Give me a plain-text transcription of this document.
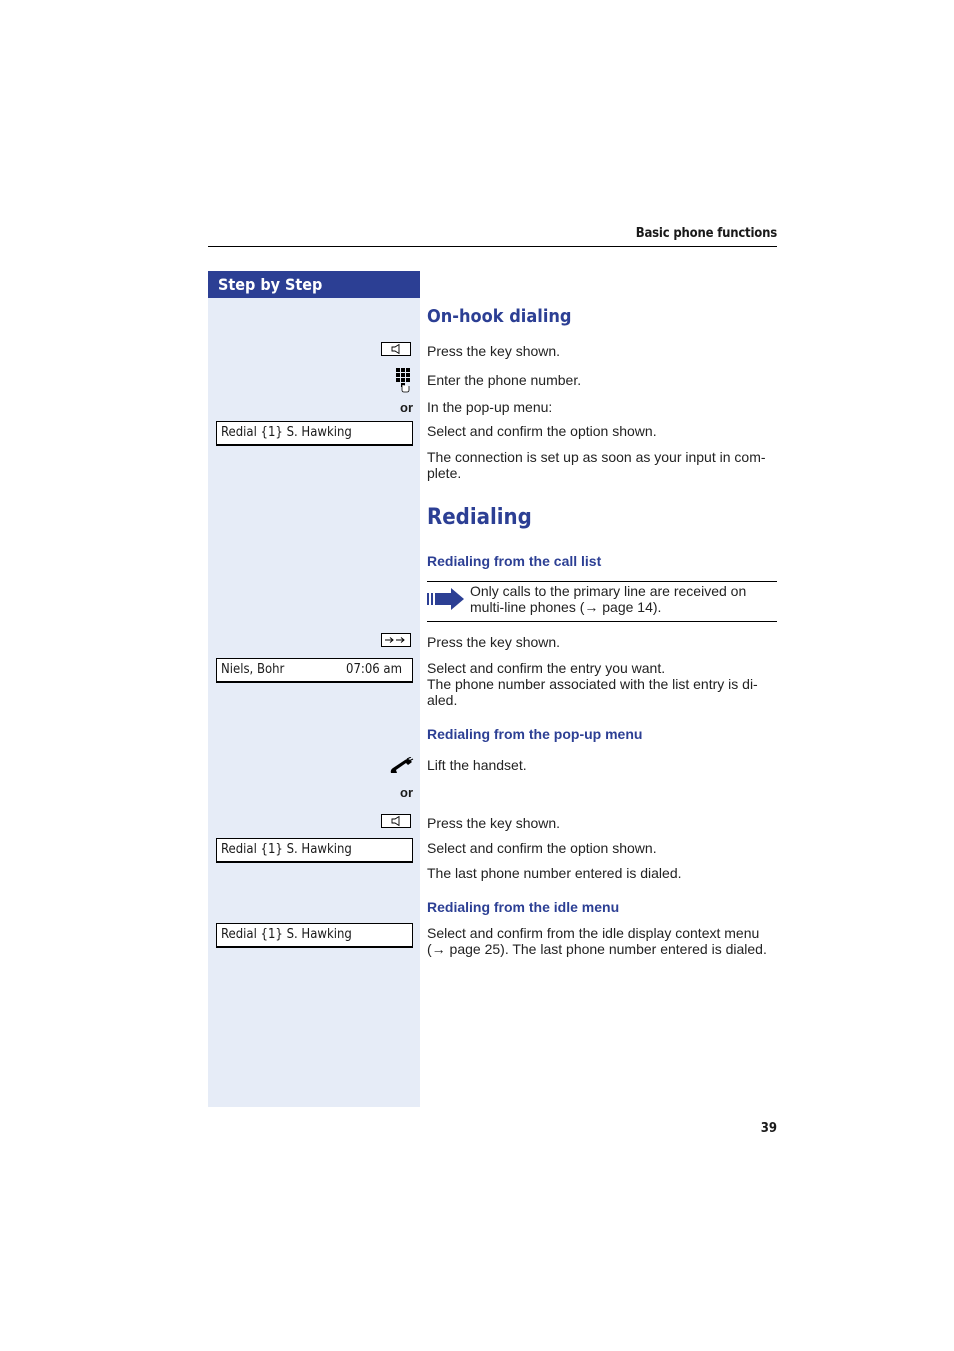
Basic phone functions
Step by Step
On-hook dialing
Press the key shown.
Enter the phone number.
or In the pop-up menu:
Redial {1} S. Hawking	Select and confirm the option shown.
The connection is set up as soon as your input in com-
plete.
Redialing
Redialing from the call list
Only calls to the primary line are received on
multi-line phones (→ page 14).
Press the key shown.
Niels, Bohr	07:06 am Select and confirm the entry you want.
The phone number associated with the list entry is di-
aled.
Redialing from the pop-up menu
Lift the handset.
or
Press the key shown.
Redial {1} S. Hawking	Select and confirm the option shown.
The last phone number entered is dialed.
Redialing from the idle menu
Redial {1} S. Hawking	Select and confirm from the idle display context menu
(→ page 25). The last phone number entered is dialed.
39
